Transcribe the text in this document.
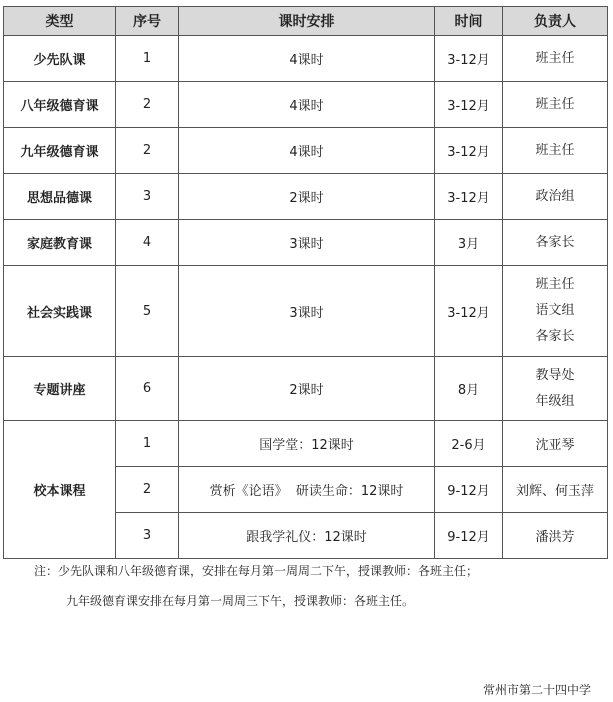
类型	序号	课时安排	时间	负责人
少先队课	1	4课时	3-12月	班主任

八年级德育课	2	4课时	3-12月	班主任

九年级德育课	2	4课时	3-12月	班主任

思想品德课	3	2课时	3-12月	政治组

家庭教育课	4	3课时	3月	各家长

社会实践课	5	3课时	3-12月	班主任
语文组
各家长

专题讲座	6	2课时	8月	教导处
年级组

校本课程	1	国学堂：12课时	2-6月	沈亚琴
	2	赏析《论语》  研读生命：12课时	9-12月	刘辉、何玉萍
	3	跟我学礼仪：12课时	9-12月	潘洪芳
注：少先队课和八年级德育课，安排在每月第一周周二下午，授课教师：各班主任；
九年级德育课安排在每月第一周周三下午，授课教师：各班主任。
常州市第二十四中学
